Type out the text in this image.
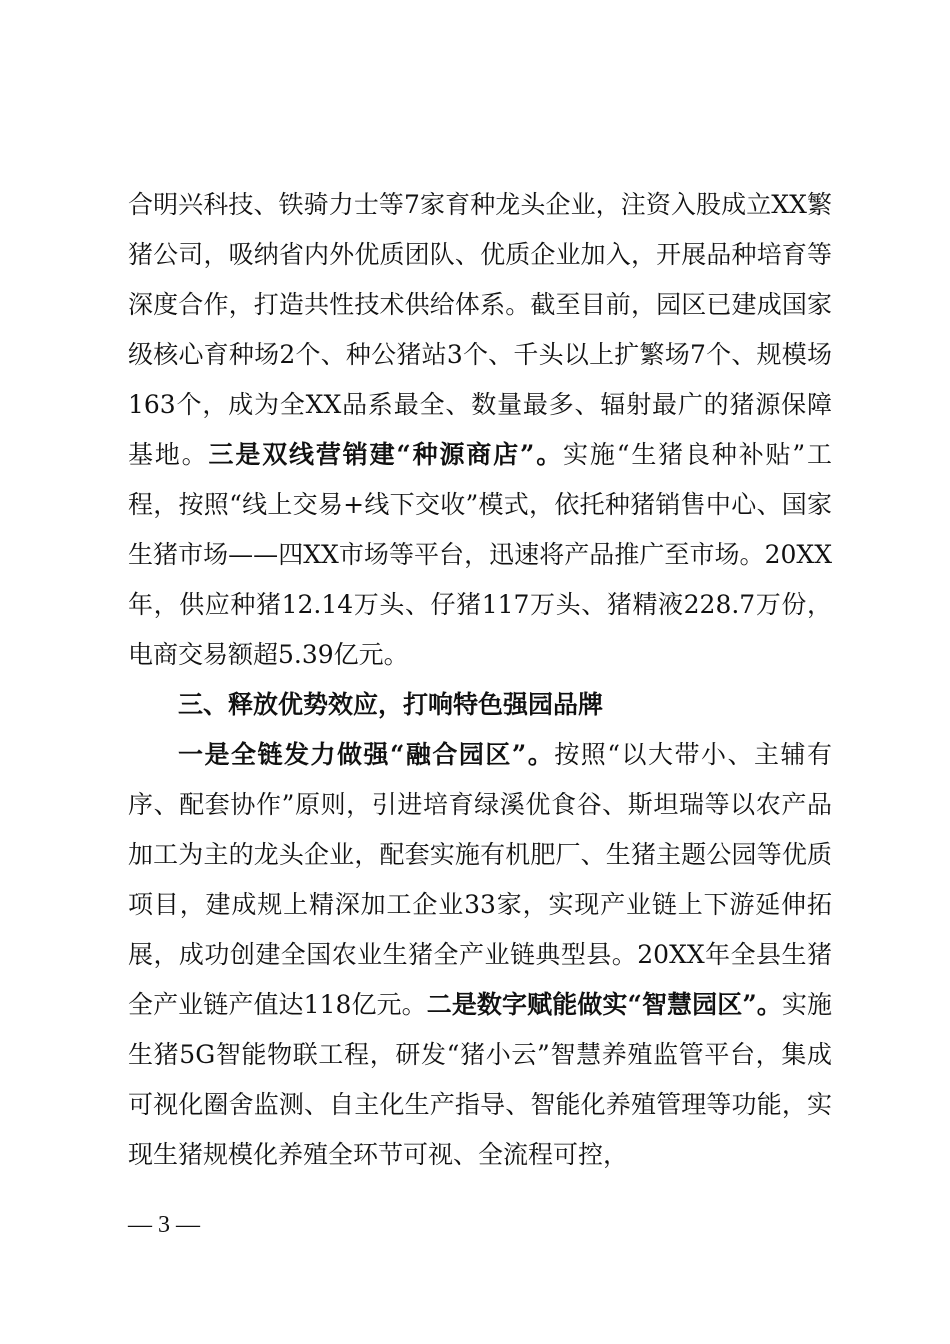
合明兴科技、铁骑力士等7家育种龙头企业，注资入股成立XX繁猪公司，吸纳省内外优质团队、优质企业加入，开展品种培育等深度合作，打造共性技术供给体系。截至目前，园区已建成国家级核心育种场2个、种公猪站3个、千头以上扩繁场7个、规模场163个，成为全XX品系最全、数量最多、辐射最广的猪源保障基地。三是双线营销建“种源商店”。实施“生猪良种补贴”工程，按照“线上交易+线下交收”模式，依托种猪销售中心、国家生猪市场——四XX市场等平台，迅速将产品推广至市场。20XX年，供应种猪12.14万头、仔猪117万头、猪精液228.7万份，电商交易额超5.39亿元。

三、释放优势效应，打响特色强园品牌

一是全链发力做强“融合园区”。按照“以大带小、主辅有序、配套协作”原则，引进培育绿溪优食谷、斯坦瑞等以农产品加工为主的龙头企业，配套实施有机肥厂、生猪主题公园等优质项目，建成规上精深加工企业33家，实现产业链上下游延伸拓展，成功创建全国农业生猪全产业链典型县。20XX年全县生猪全产业链产值达118亿元。二是数字赋能做实“智慧园区”。实施生猪5G智能物联工程，研发“猪小云”智慧养殖监管平台，集成可视化圈舍监测、自主化生产指导、智能化养殖管理等功能，实现生猪规模化养殖全环节可视、全流程可控，

— 3 —
